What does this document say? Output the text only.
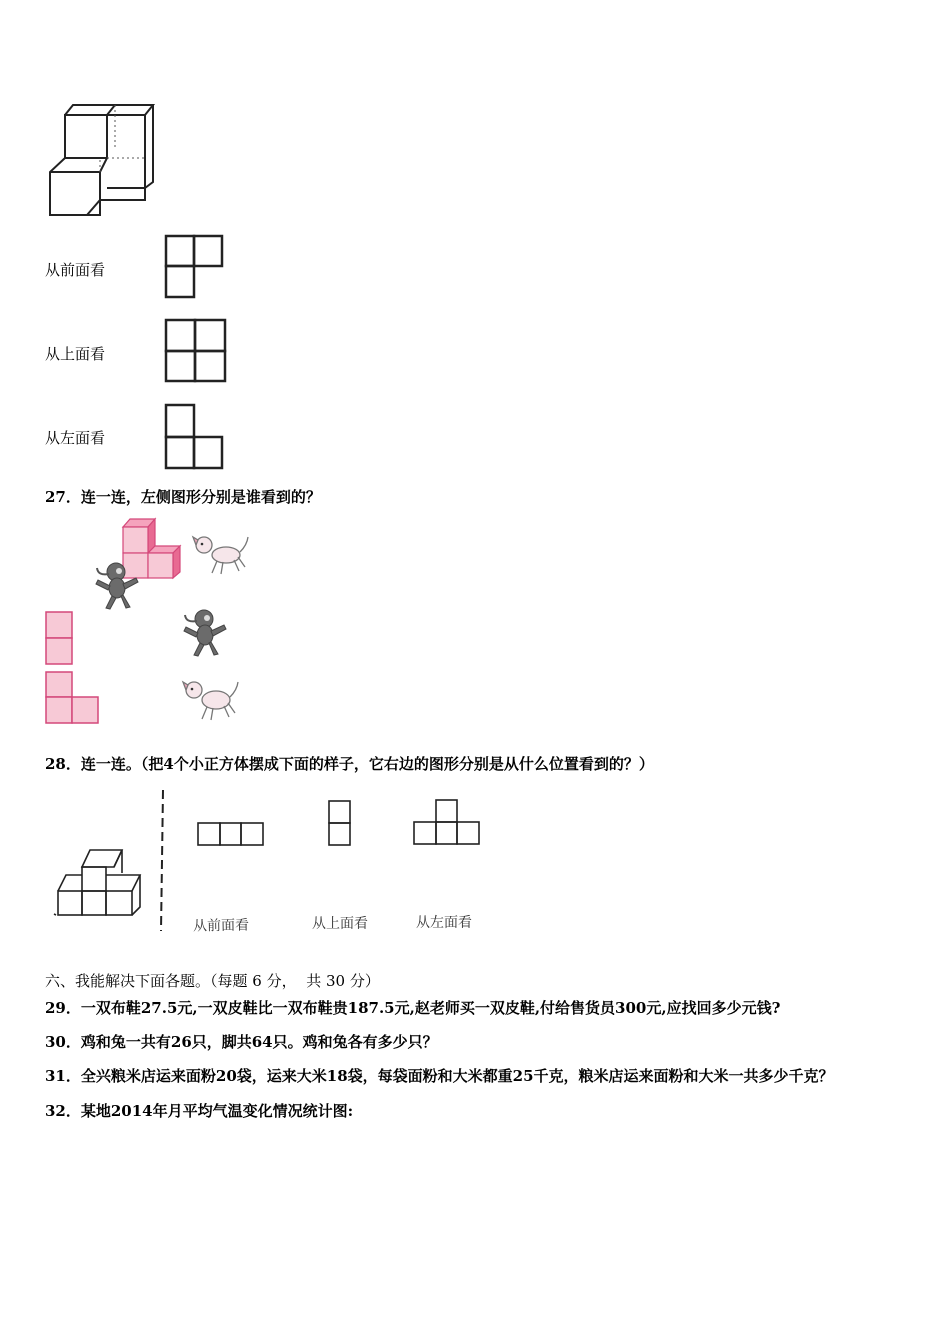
从前面看
从上面看
从左面看
27．连一连，左侧图形分别是谁看到的？
28．连一连。（把4个小正方体摆成下面的样子，它右边的图形分别是从什么位置看到的？）
从前面看	从上面看	从左面看
六、我能解决下面各题。（每题 6 分， 共 30 分）
29．一双布鞋27.5元,一双皮鞋比一双布鞋贵187.5元,赵老师买一双皮鞋,付给售货员300元,应找回多少元钱?
30．鸡和兔一共有26只，脚共64只。鸡和兔各有多少只？
31．全兴粮米店运来面粉20袋，运来大米18袋，每袋面粉和大米都重25千克，粮米店运来面粉和大米一共多少千克？
32．某地2014年月平均气温变化情况统计图:
